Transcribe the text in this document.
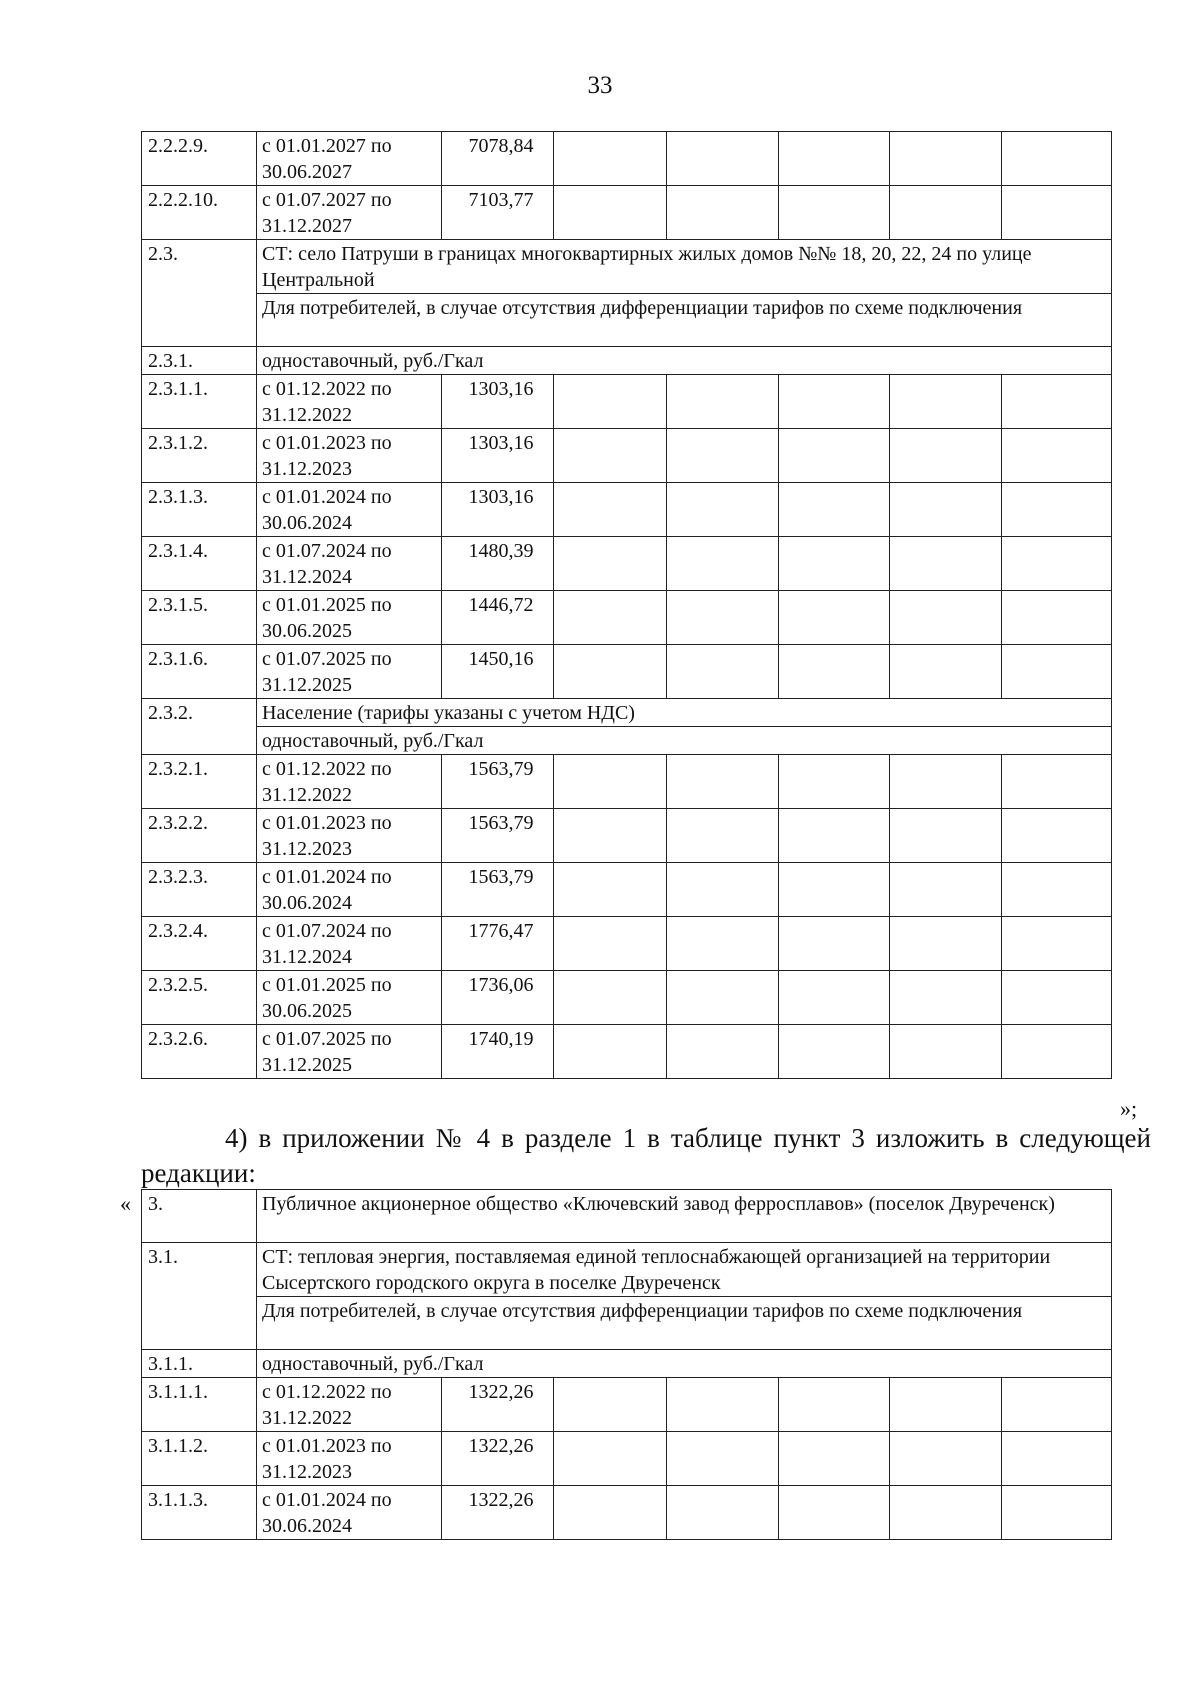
33
2.2.2.9.	с 01.01.2027 по 30.06.2027	7078,84					
2.2.2.10.	с 01.07.2027 по 31.12.2027	7103,77					
2.3.	СТ: село Патруши в границах многоквартирных жилых домов №№ 18, 20, 22, 24 по улице Центральной						
	Для потребителей, в случае отсутствия дифференциации тарифов по схеме подключения						
2.3.1.	одноставочный, руб./Гкал						
2.3.1.1.	с 01.12.2022 по 31.12.2022	1303,16					
2.3.1.2.	с 01.01.2023 по 31.12.2023	1303,16					
2.3.1.3.	с 01.01.2024 по 30.06.2024	1303,16					
2.3.1.4.	с 01.07.2024 по 31.12.2024	1480,39					
2.3.1.5.	с 01.01.2025 по 30.06.2025	1446,72					
2.3.1.6.	с 01.07.2025 по 31.12.2025	1450,16					
2.3.2.	Население (тарифы указаны с учетом НДС)						
	одноставочный, руб./Гкал						
2.3.2.1.	с 01.12.2022 по 31.12.2022	1563,79					
2.3.2.2.	с 01.01.2023 по 31.12.2023	1563,79					
2.3.2.3.	с 01.01.2024 по 30.06.2024	1563,79					
2.3.2.4.	с 01.07.2024 по 31.12.2024	1776,47					
2.3.2.5.	с 01.01.2025 по 30.06.2025	1736,06					
2.3.2.6.	с 01.07.2025 по 31.12.2025	1740,19					
»;
4) в приложении № 4 в разделе 1 в таблице пункт 3 изложить в следующей
редакции:
« 3.	Публичное акционерное общество «Ключевский завод ферросплавов» (поселок Двуреченск)						
3.1.	СТ: тепловая энергия, поставляемая единой теплоснабжающей организацией на территории Сысертского городского округа в поселке Двуреченск						
	Для потребителей, в случае отсутствия дифференциации тарифов по схеме подключения						
3.1.1.	одноставочный, руб./Гкал						
3.1.1.1.	с 01.12.2022 по 31.12.2022	1322,26					
3.1.1.2.	с 01.01.2023 по 31.12.2023	1322,26					
3.1.1.3.	с 01.01.2024 по 30.06.2024	1322,26					
